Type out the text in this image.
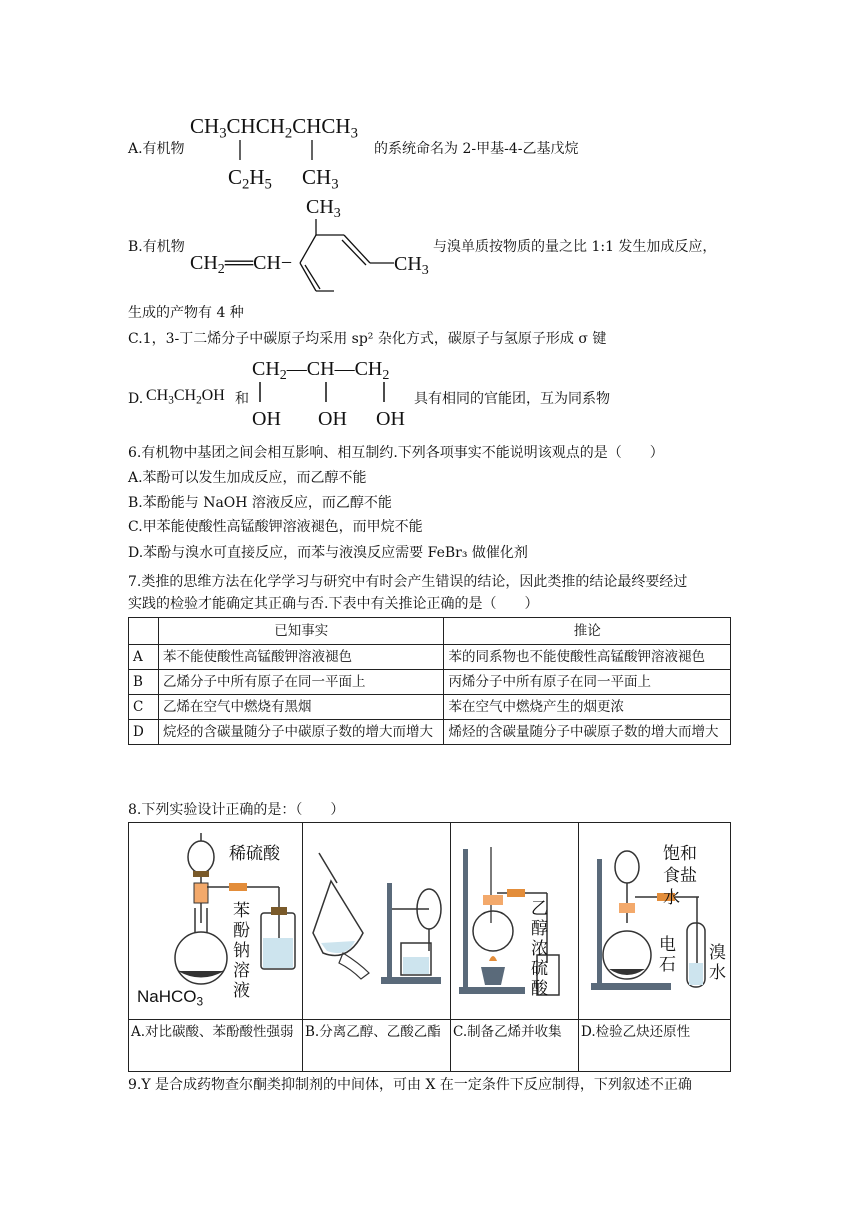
A.有机物
$CH_3CHCH_2CHCH_3$
$C_2H_5$ $CH_3$
的系统命名为 2-甲基-4-乙基戊烷
B.有机物
$CH_3$
$CH_2══CH-$	$CH_3$
与溴单质按物质的量之比 1:1 发生加成反应，
生成的产物有 4 种
C.1，3-丁二烯分子中碳原子均采用 sp² 杂化方式，碳原子与氢原子形成 σ 键
D. $CH_3CH_2OH$ 和
$CH_2—CH—CH_2$
OH OH OH
具有相同的官能团，互为同系物
6.有机物中基团之间会相互影响、相互制约.下列各项事实不能说明该观点的是（　　）
A.苯酚可以发生加成反应，而乙醇不能
B.苯酚能与 NaOH 溶液反应，而乙醇不能
C.甲苯能使酸性高锰酸钾溶液褪色，而甲烷不能
D.苯酚与溴水可直接反应，而苯与液溴反应需要 FeBr₃ 做催化剂
7.类推的思维方法在化学学习与研究中有时会产生错误的结论，因此类推的结论最终要经过
实践的检验才能确定其正确与否.下表中有关推论正确的是（　　）
	已知事实	推论
A	苯不能使酸性高锰酸钾溶液褪色	苯的同系物也不能使酸性高锰酸钾溶液褪色
B	乙烯分子中所有原子在同一平面上	丙烯分子中所有原子在同一平面上
C	乙烯在空气中燃烧有黑烟	苯在空气中燃烧产生的烟更浓
D	烷烃的含碳量随分子中碳原子数的增大而增大	烯烃的含碳量随分子中碳原子数的增大而增大
8.下列实验设计正确的是：（　　）
稀硫酸
苯酚钠溶液
NaHCO$_3$
A.对比碳酸、苯酚酸性强弱 B.分离乙醇、乙酸乙酯
乙醇浓硫酸
C.制备乙烯并收集
饱和食盐水
电石
溴水
D.检验乙炔还原性
9.Y 是合成药物查尔酮类抑制剂的中间体，可由 X 在一定条件下反应制得，下列叙述不正确
